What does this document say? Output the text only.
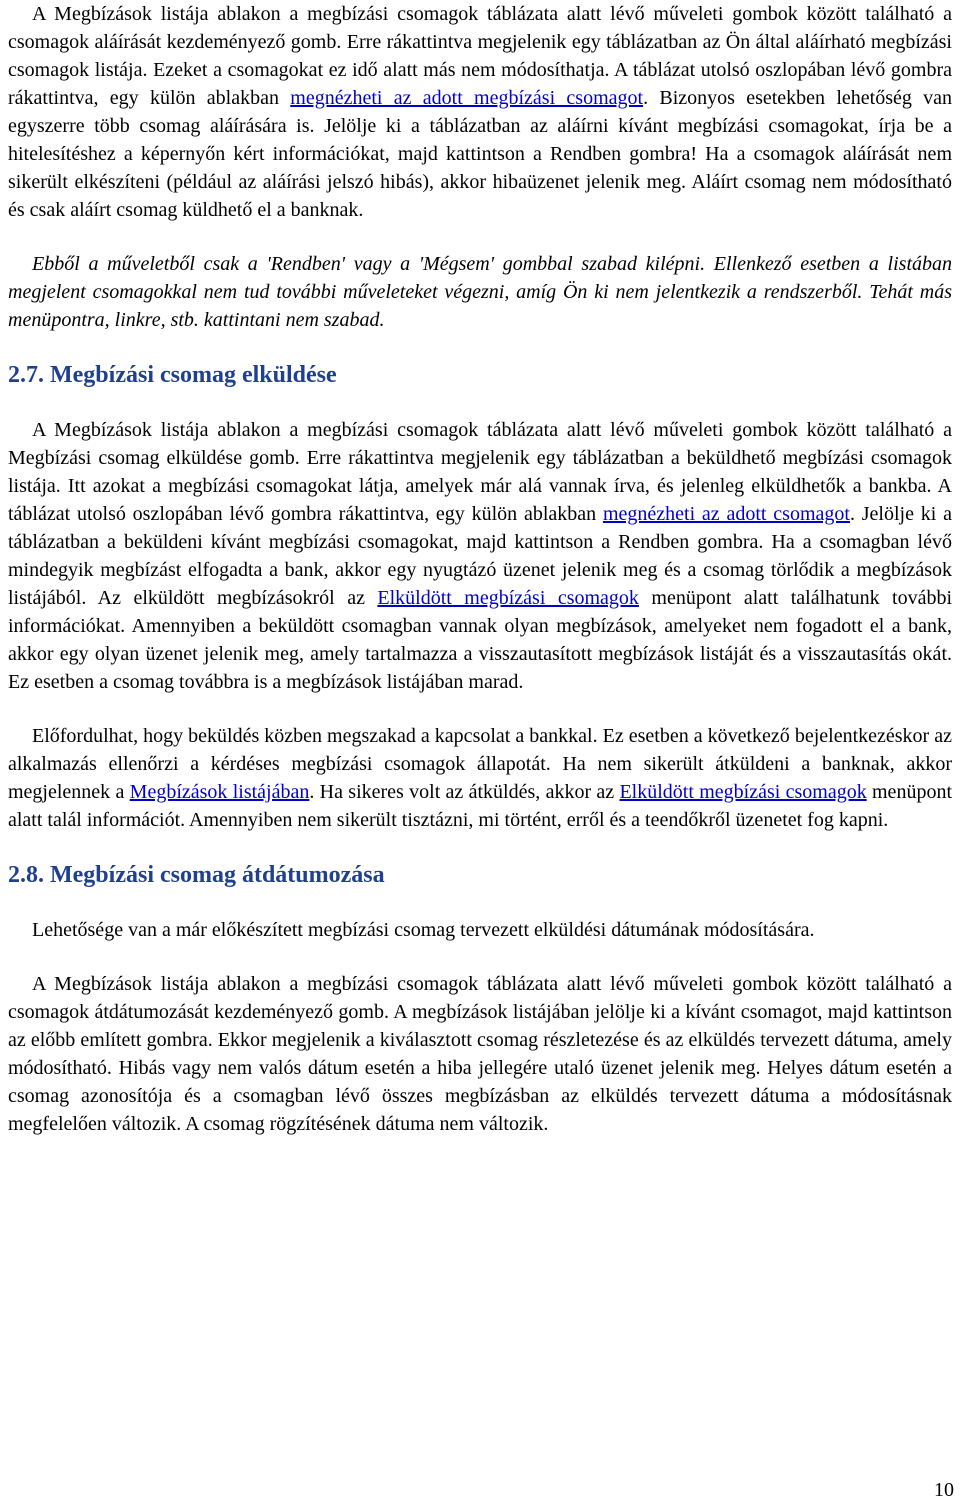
A Megbízások listája ablakon a megbízási csomagok táblázata alatt lévő műveleti gombok között található a csomagok aláírását kezdeményező gomb. Erre rákattintva megjelenik egy táblázatban az Ön által aláírható megbízási csomagok listája. Ezeket a csomagokat ez idő alatt más nem módosíthatja. A táblázat utolsó oszlopában lévő gombra rákattintva, egy külön ablakban megnézheti az adott megbízási csomagot. Bizonyos esetekben lehetőség van egyszerre több csomag aláírására is. Jelölje ki a táblázatban az aláírni kívánt megbízási csomagokat, írja be a hitelesítéshez a képernyőn kért információkat, majd kattintson a Rendben gombra! Ha a csomagok aláírását nem sikerült elkészíteni (például az aláírási jelszó hibás), akkor hibaüzenet jelenik meg. Aláírt csomag nem módosítható és csak aláírt csomag küldhető el a banknak.

Ebből a műveletből csak a 'Rendben' vagy a 'Mégsem' gombbal szabad kilépni. Ellenkező esetben a listában megjelent csomagokkal nem tud további műveleteket végezni, amíg Ön ki nem jelentkezik a rendszerből. Tehát más menüpontra, linkre, stb. kattintani nem szabad.

2.7. Megbízási csomag elküldése

A Megbízások listája ablakon a megbízási csomagok táblázata alatt lévő műveleti gombok között található a Megbízási csomag elküldése gomb. Erre rákattintva megjelenik egy táblázatban a beküldhető megbízási csomagok listája. Itt azokat a megbízási csomagokat látja, amelyek már alá vannak írva, és jelenleg elküldhetők a bankba. A táblázat utolsó oszlopában lévő gombra rákattintva, egy külön ablakban megnézheti az adott csomagot. Jelölje ki a táblázatban a beküldeni kívánt megbízási csomagokat, majd kattintson a Rendben gombra. Ha a csomagban lévő mindegyik megbízást elfogadta a bank, akkor egy nyugtázó üzenet jelenik meg és a csomag törlődik a megbízások listájából. Az elküldött megbízásokról az Elküldött megbízási csomagok menüpont alatt találhatunk további információkat. Amennyiben a beküldött csomagban vannak olyan megbízások, amelyeket nem fogadott el a bank, akkor egy olyan üzenet jelenik meg, amely tartalmazza a visszautasított megbízások listáját és a visszautasítás okát. Ez esetben a csomag továbbra is a megbízások listájában marad.

Előfordulhat, hogy beküldés közben megszakad a kapcsolat a bankkal. Ez esetben a következő bejelentkezéskor az alkalmazás ellenőrzi a kérdéses megbízási csomagok állapotát. Ha nem sikerült átküldeni a banknak, akkor megjelennek a Megbízások listájában. Ha sikeres volt az átküldés, akkor az Elküldött megbízási csomagok menüpont alatt talál információt. Amennyiben nem sikerült tisztázni, mi történt, erről és a teendőkről üzenetet fog kapni.

2.8. Megbízási csomag átdátumozása

Lehetősége van a már előkészített megbízási csomag tervezett elküldési dátumának módosítására.

A Megbízások listája ablakon a megbízási csomagok táblázata alatt lévő műveleti gombok között található a csomagok átdátumozását kezdeményező gomb. A megbízások listájában jelölje ki a kívánt csomagot, majd kattintson az előbb említett gombra. Ekkor megjelenik a kiválasztott csomag részletezése és az elküldés tervezett dátuma, amely módosítható. Hibás vagy nem valós dátum esetén a hiba jellegére utaló üzenet jelenik meg. Helyes dátum esetén a csomag azonosítója és a csomagban lévő összes megbízásban az elküldés tervezett dátuma a módosításnak megfelelően változik. A csomag rögzítésének dátuma nem változik.

10
